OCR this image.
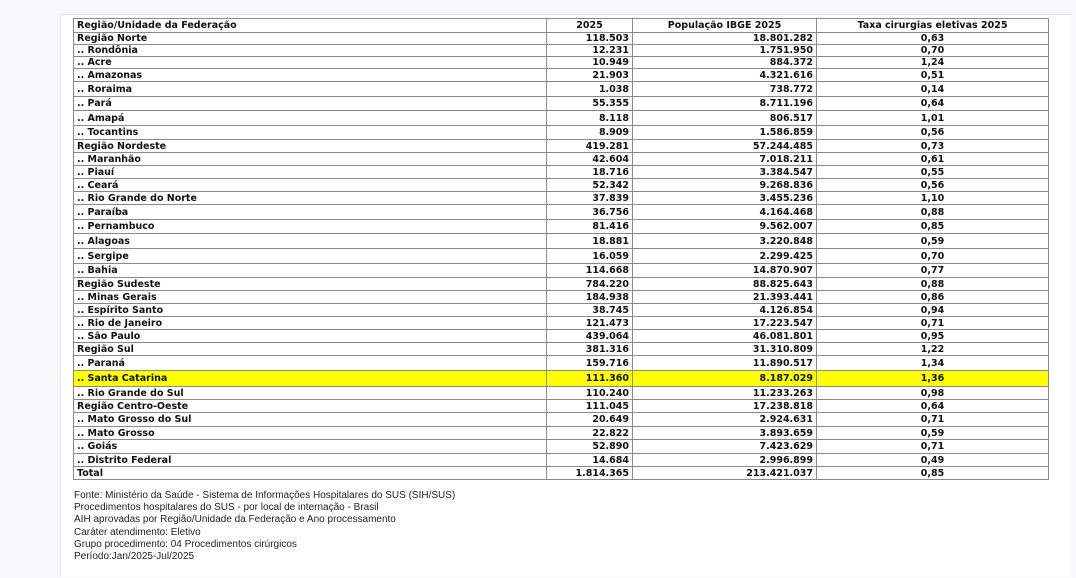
Região/Unidade da Federação	2025	População IBGE 2025	Taxa cirurgias eletivas 2025
Região Norte	118.503	18.801.282	0,63
.. Rondônia	12.231	1.751.950	0,70
.. Acre	10.949	884.372	1,24
.. Amazonas	21.903	4.321.616	0,51
.. Roraima	1.038	738.772	0,14
.. Pará	55.355	8.711.196	0,64
.. Amapá	8.118	806.517	1,01
.. Tocantins	8.909	1.586.859	0,56
Região Nordeste	419.281	57.244.485	0,73
.. Maranhão	42.604	7.018.211	0,61
.. Piauí	18.716	3.384.547	0,55
.. Ceará	52.342	9.268.836	0,56
.. Rio Grande do Norte	37.839	3.455.236	1,10
.. Paraíba	36.756	4.164.468	0,88
.. Pernambuco	81.416	9.562.007	0,85
.. Alagoas	18.881	3.220.848	0,59
.. Sergipe	16.059	2.299.425	0,70
.. Bahia	114.668	14.870.907	0,77
Região Sudeste	784.220	88.825.643	0,88
.. Minas Gerais	184.938	21.393.441	0,86
.. Espírito Santo	38.745	4.126.854	0,94
.. Rio de Janeiro	121.473	17.223.547	0,71
.. São Paulo	439.064	46.081.801	0,95
Região Sul	381.316	31.310.809	1,22
.. Paraná	159.716	11.890.517	1,34
.. Santa Catarina	111.360	8.187.029	1,36
.. Rio Grande do Sul	110.240	11.233.263	0,98
Região Centro-Oeste	111.045	17.238.818	0,64
.. Mato Grosso do Sul	20.649	2.924.631	0,71
.. Mato Grosso	22.822	3.893.659	0,59
.. Goiás	52.890	7.423.629	0,71
.. Distrito Federal	14.684	2.996.899	0,49
Total	1.814.365	213.421.037	0,85
Fonte: Ministério da Saúde - Sistema de Informações Hospitalares do SUS (SIH/SUS)
Procedimentos hospitalares do SUS - por local de internação - Brasil
AIH aprovadas por Região/Unidade da Federação e Ano processamento
Caráter atendimento: Eletivo
Grupo procedimento: 04 Procedimentos cirúrgicos
Período:Jan/2025-Jul/2025
